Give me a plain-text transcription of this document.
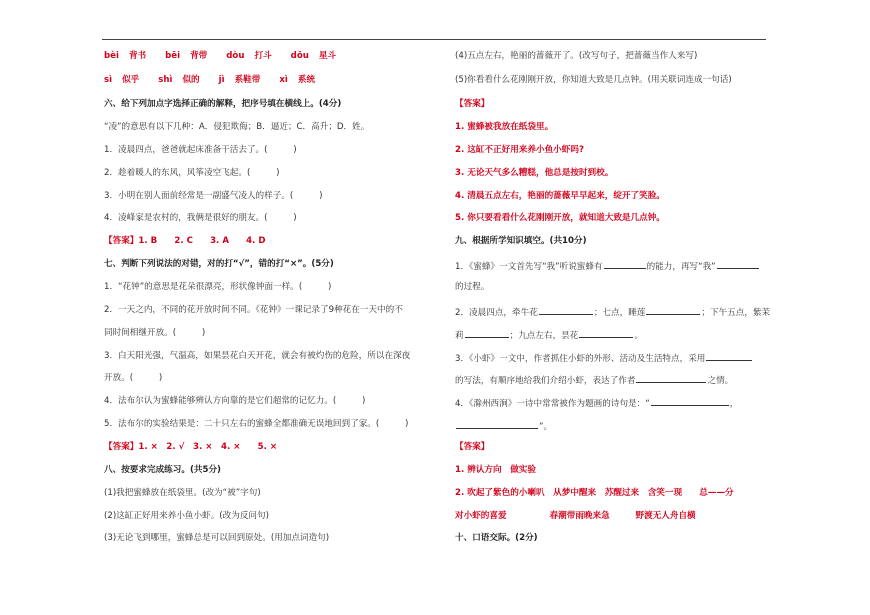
bèi 背书 bēi 背带 dòu 打斗 dǒu 星斗
sì 似乎 shì 似的 jì 系鞋带 xì 系统
六、给下列加点字选择正确的解释，把序号填在横线上。(4分)
“凌”的意思有以下几种：A．侵犯欺侮；B．逼近；C．高升；D．姓。
1．凌晨四点，爸爸就起床准备干活去了。(　　　)
2．趁着暖人的东风，风筝凌空飞起。(　　　)
3．小明在别人面前经常是一副盛气凌人的样子。(　　　)
4．凌峰家是农村的，我俩是很好的朋友。(　　　)
【答案】1. B　　2. C　　3. A　　4. D
七、判断下列说法的对错，对的打“√”，错的打“×”。(5分)
1．“花钟”的意思是花朵很漂亮，形状像钟面一样。(　　　)
2．一天之内，不同的花开放时间不同。《花钟》一课记录了9种花在一天中的不
同时间相继开放。(　　　)
3．白天阳光强，气温高，如果昙花白天开花，就会有被灼伤的危险，所以在深夜
开放。(　　　)
4．法布尔认为蜜蜂能够辨认方向靠的是它们超常的记忆力。(　　　)
5．法布尔的实验结果是：二十只左右的蜜蜂全都准确无误地回到了家。(　　　)
【答案】1. ×　2. √　3. ×　4. ×　　5. ×
八、按要求完成练习。(共5分)
(1)我把蜜蜂放在纸袋里。(改为“被”字句)
(2)这缸正好用来养小鱼小虾。(改为反问句)
(3)无论飞到哪里，蜜蜂总是可以回到原处。(用加点词造句)
(4)五点左右，艳丽的蔷薇开了。(改写句子，把蔷薇当作人来写)
(5)你看看什么花刚刚开放，你知道大致是几点钟。(用关联词连成一句话)
【答案】
1. 蜜蜂被我放在纸袋里。
2. 这缸不正好用来养小鱼小虾吗?
3. 无论天气多么糟糕，他总是按时到校。
4. 清晨五点左右，艳丽的蔷薇早早起来，绽开了笑脸。
5. 你只要看看什么花刚刚开放，就知道大致是几点钟。
九、根据所学知识填空。(共10分)
1．《蜜蜂》一文首先写“我”听说蜜蜂有	的能力，再写“我”
的过程。
2．凌晨四点，牵牛花	；七点，睡莲	；下午五点，紫茉
莉	；九点左右，昙花	。
3．《小虾》一文中，作者抓住小虾的外形、活动及生活特点，采用
的写法，有顺序地给我们介绍小虾，表达了作者	之情。
4．《滁州西涧》一诗中常常被作为题画的诗句是：“	，
”。
【答案】
1. 辨认方向　做实验
2. 吹起了紫色的小喇叭　从梦中醒来　苏醒过来　含笑一现　　总——分
对小虾的喜爱　　　　　春潮带雨晚来急　　　野渡无人舟自横
十、口语交际。(2分)
